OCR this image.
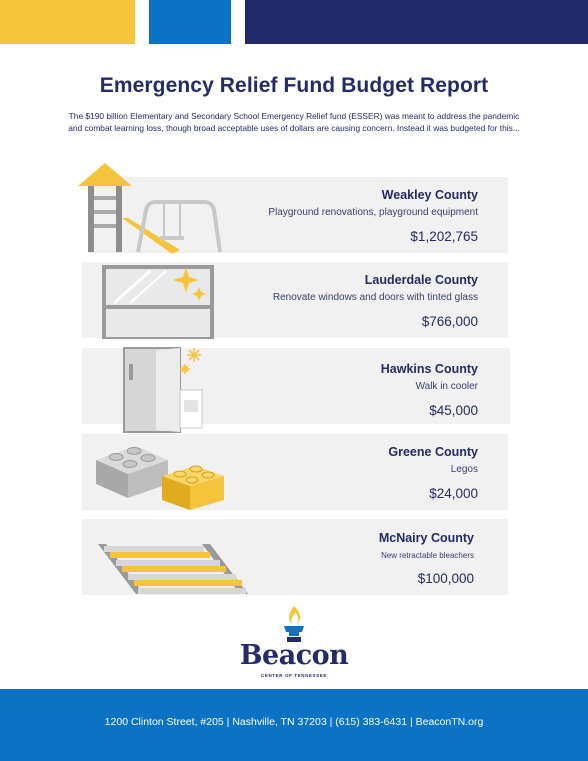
Emergency Relief Fund Budget Report
The $190 billion Elementary and Secondary School Emergency Relief fund (ESSER) was meant to address the pandemic and combat learning loss, though broad acceptable uses of dollars are causing concern. Instead it was budgeted for this...
Weakley County
Playground renovations, playground equipment
$1,202,765
Lauderdale County
Renovate windows and doors with tinted glass
$766,000
Hawkins County
Walk in cooler
$45,000
Greene County
Legos
$24,000
McNairy County
New retractable bleachers
$100,000
Beacon
CENTER OF TENNESSEE
1200 Clinton Street, #205 | Nashville, TN 37203 | (615) 383-6431 | BeaconTN.org
